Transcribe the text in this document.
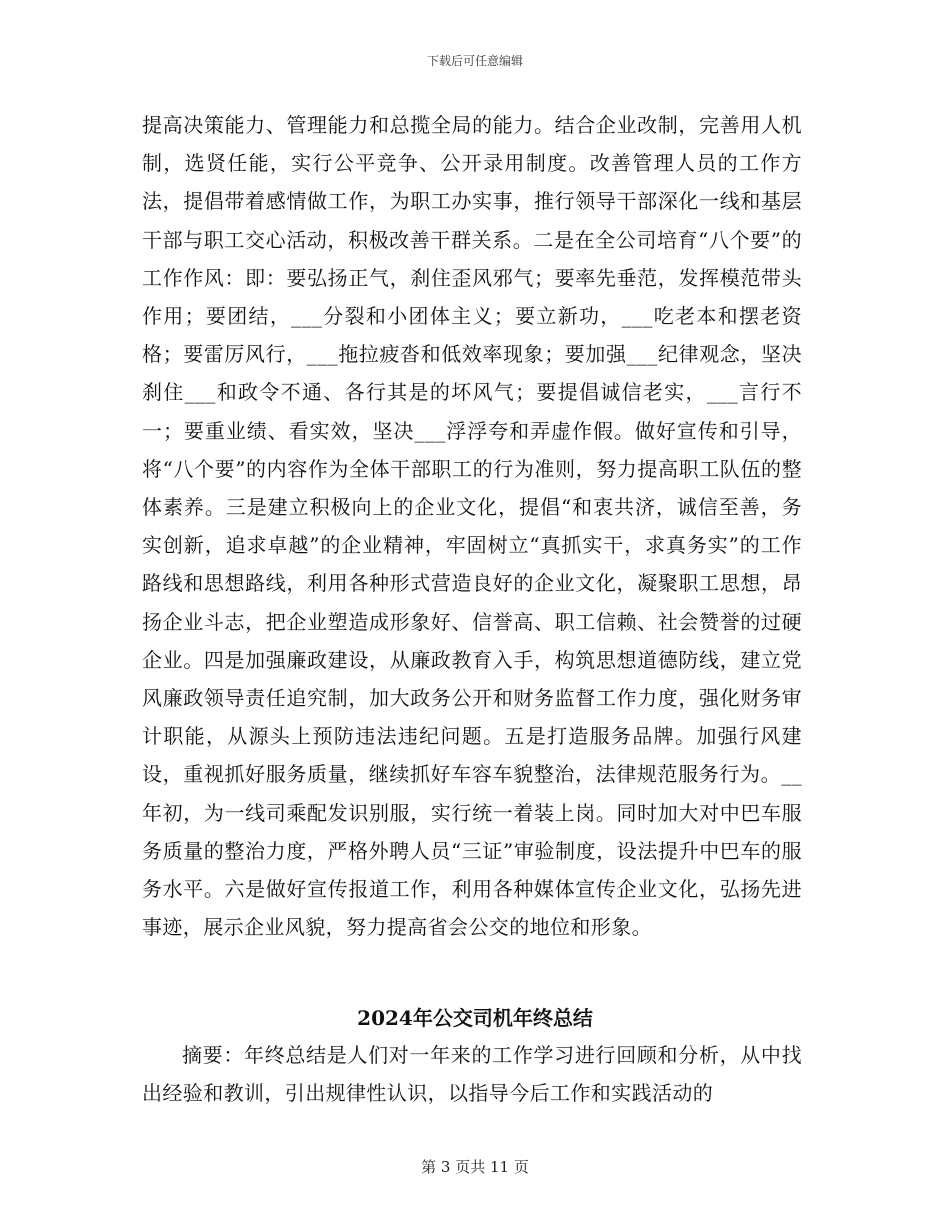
下载后可任意编辑

提高决策能力、管理能力和总揽全局的能力。结合企业改制，完善用人机制，选贤任能，实行公平竞争、公开录用制度。改善管理人员的工作方法，提倡带着感情做工作，为职工办实事，推行领导干部深化一线和基层干部与职工交心活动，积极改善干群关系。二是在全公司培育“八个要”的工作作风：即：要弘扬正气，刹住歪风邪气；要率先垂范，发挥模范带头作用；要团结，___分裂和小团体主义；要立新功，___吃老本和摆老资格；要雷厉风行，___拖拉疲沓和低效率现象；要加强___纪律观念，坚决刹住___和政令不通、各行其是的坏风气；要提倡诚信老实，___言行不一；要重业绩、看实效，坚决___浮浮夸和弄虚作假。做好宣传和引导，将“八个要”的内容作为全体干部职工的行为准则，努力提高职工队伍的整体素养。三是建立积极向上的企业文化，提倡“和衷共济，诚信至善，务实创新，追求卓越”的企业精神，牢固树立“真抓实干，求真务实”的工作路线和思想路线，利用各种形式营造良好的企业文化，凝聚职工思想，昂扬企业斗志，把企业塑造成形象好、信誉高、职工信赖、社会赞誉的过硬企业。四是加强廉政建设，从廉政教育入手，构筑思想道德防线，建立党风廉政领导责任追究制，加大政务公开和财务监督工作力度，强化财务审计职能，从源头上预防违法违纪问题。五是打造服务品牌。加强行风建设，重视抓好服务质量，继续抓好车容车貌整治，法律规范服务行为。__年初，为一线司乘配发识别服，实行统一着装上岗。同时加大对中巴车服务质量的整治力度，严格外聘人员“三证”审验制度，设法提升中巴车的服务水平。六是做好宣传报道工作，利用各种媒体宣传企业文化，弘扬先进事迹，展示企业风貌，努力提高省会公交的地位和形象。

2024年公交司机年终总结

摘要：年终总结是人们对一年来的工作学习进行回顾和分析，从中找出经验和教训，引出规律性认识，以指导今后工作和实践活动的

第 3 页共 11 页
